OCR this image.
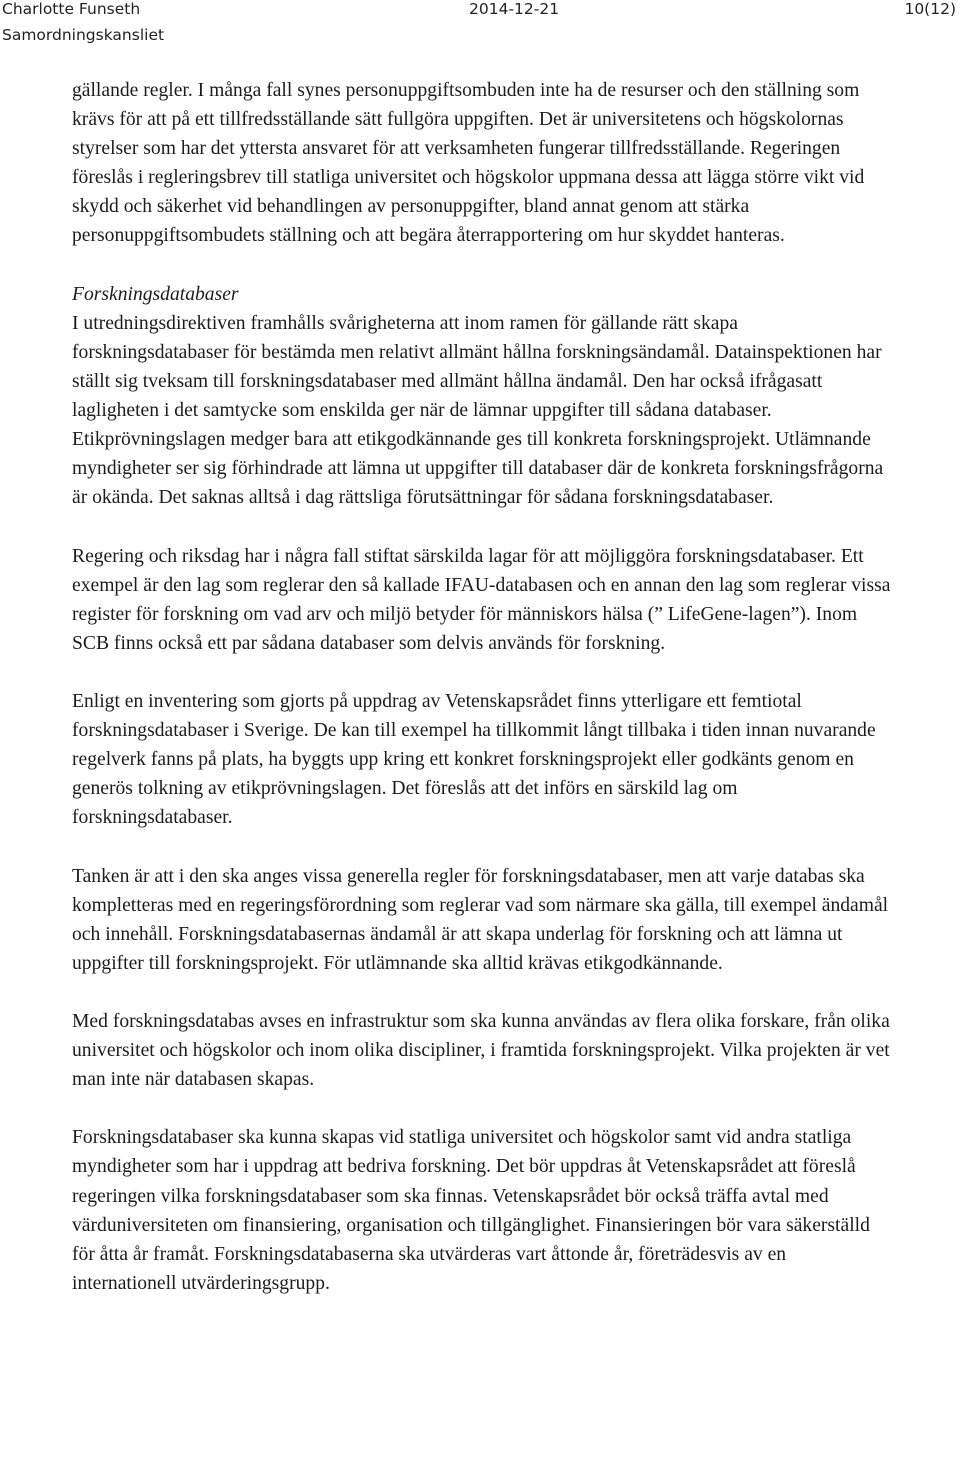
Charlotte Funseth	2014-12-21	10(12)
Samordningskansliet

gällande regler. I många fall synes personuppgiftsombuden inte ha de resurser och den ställning som krävs för att på ett tillfredsställande sätt fullgöra uppgiften. Det är universitetens och högskolornas styrelser som har det yttersta ansvaret för att verksamheten fungerar tillfredsställande. Regeringen föreslås i regleringsbrev till statliga universitet och högskolor uppmana dessa att lägga större vikt vid skydd och säkerhet vid behandlingen av personuppgifter, bland annat genom att stärka personuppgiftsombudets ställning och att begära återrapportering om hur skyddet hanteras.

Forskningsdatabaser

I utredningsdirektiven framhålls svårigheterna att inom ramen för gällande rätt skapa forskningsdatabaser för bestämda men relativt allmänt hållna forskningsändamål. Datainspektionen har ställt sig tveksam till forskningsdatabaser med allmänt hållna ändamål. Den har också ifrågasatt lagligheten i det samtycke som enskilda ger när de lämnar uppgifter till sådana databaser. Etikprövningslagen medger bara att etikgodkännande ges till konkreta forskningsprojekt. Utlämnande myndigheter ser sig förhindrade att lämna ut uppgifter till databaser där de konkreta forskningsfrågorna är okända. Det saknas alltså i dag rättsliga förutsättningar för sådana forskningsdatabaser.

Regering och riksdag har i några fall stiftat särskilda lagar för att möjliggöra forskningsdatabaser. Ett exempel är den lag som reglerar den så kallade IFAU-databasen och en annan den lag som reglerar vissa register för forskning om vad arv och miljö betyder för människors hälsa (” LifeGene-lagen”). Inom SCB finns också ett par sådana databaser som delvis används för forskning.

Enligt en inventering som gjorts på uppdrag av Vetenskapsrådet finns ytterligare ett femtiotal forskningsdatabaser i Sverige. De kan till exempel ha tillkommit långt tillbaka i tiden innan nuvarande regelverk fanns på plats, ha byggts upp kring ett konkret forskningsprojekt eller godkänts genom en generös tolkning av etikprövningslagen. Det föreslås att det införs en särskild lag om forskningsdatabaser.

Tanken är att i den ska anges vissa generella regler för forskningsdatabaser, men att varje databas ska kompletteras med en regeringsförordning som reglerar vad som närmare ska gälla, till exempel ändamål och innehåll. Forskningsdatabasernas ändamål är att skapa underlag för forskning och att lämna ut uppgifter till forskningsprojekt. För utlämnande ska alltid krävas etikgodkännande.

Med forskningsdatabas avses en infrastruktur som ska kunna användas av flera olika forskare, från olika universitet och högskolor och inom olika discipliner, i framtida forskningsprojekt. Vilka projekten är vet man inte när databasen skapas.

Forskningsdatabaser ska kunna skapas vid statliga universitet och högskolor samt vid andra statliga myndigheter som har i uppdrag att bedriva forskning. Det bör uppdras åt Vetenskapsrådet att föreslå regeringen vilka forskningsdatabaser som ska finnas. Vetenskapsrådet bör också träffa avtal med värduniversiteten om finansiering, organisation och tillgänglighet. Finansieringen bör vara säkerställd för åtta år framåt. Forskningsdatabaserna ska utvärderas vart åttonde år, företrädesvis av en internationell utvärderingsgrupp.
